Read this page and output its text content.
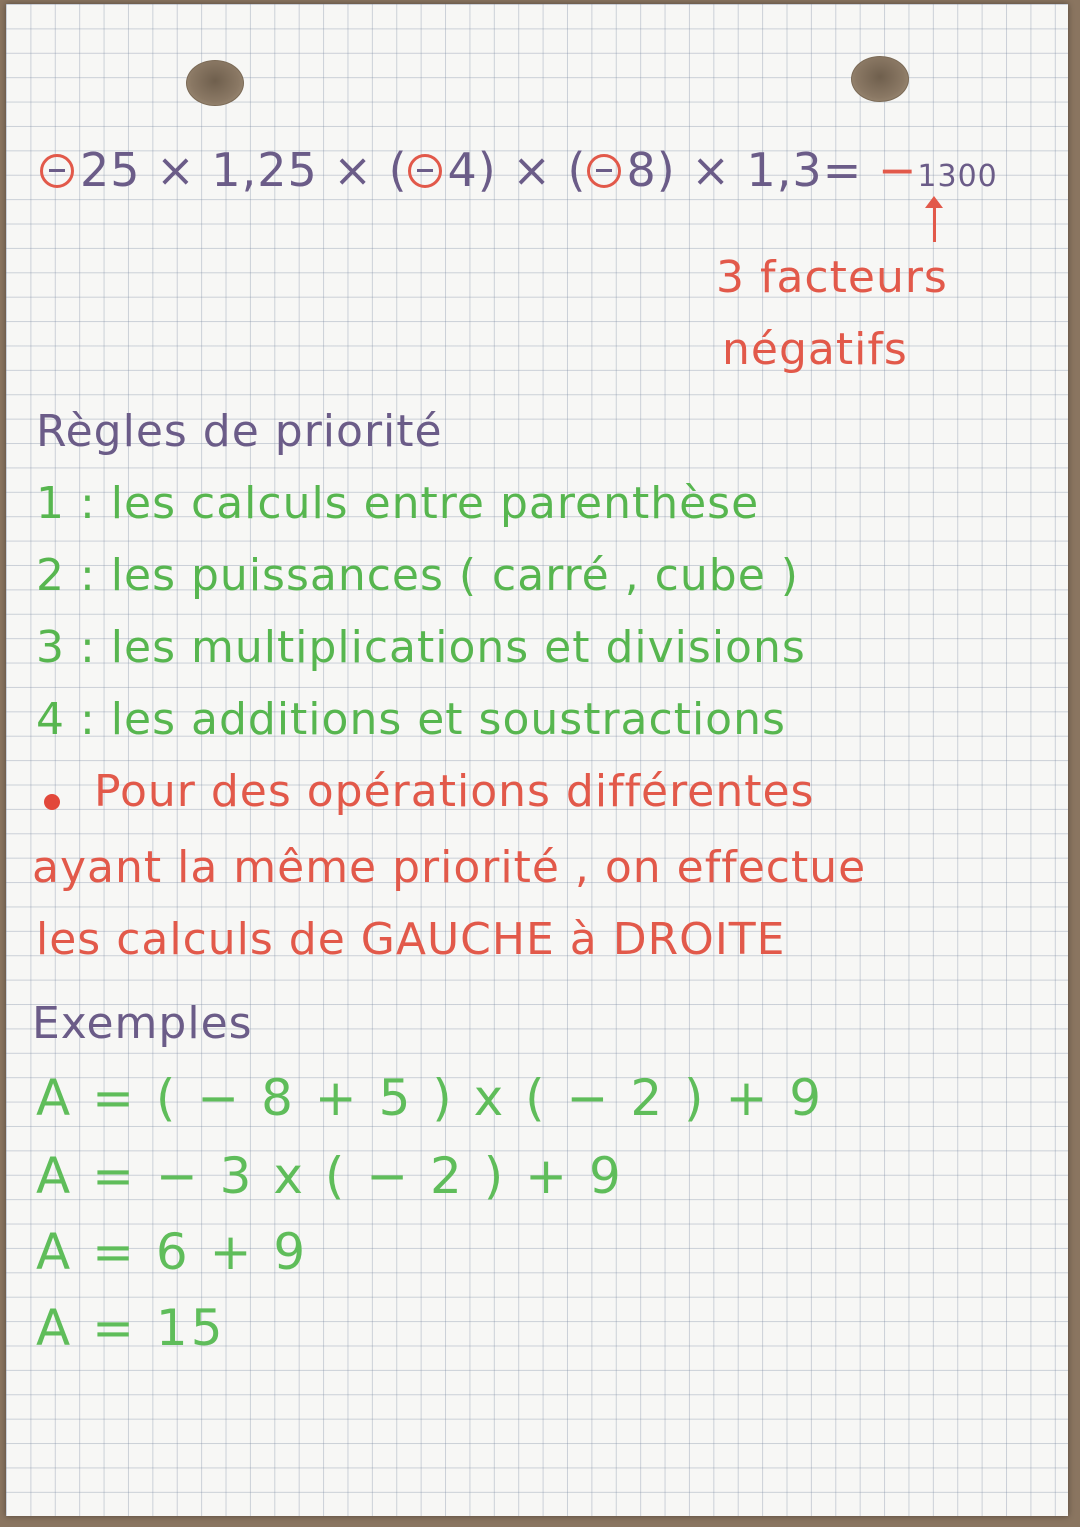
25 × 1,25 × ( 4) × ( 8) × 1,3= −1300
3 facteurs
négatifs
Règles de priorité
1 : les calculs entre parenthèse
2 : les puissances ( carré , cube )
3 : les multiplications et divisions
4 : les additions et soustractions
Pour des opérations différentes
ayant la même priorité , on effectue
les calculs de GAUCHE à DROITE
Exemples
A = ( − 8 + 5 ) x ( − 2 ) + 9
A = − 3 x ( − 2 ) + 9
A = 6 + 9
A = 15
